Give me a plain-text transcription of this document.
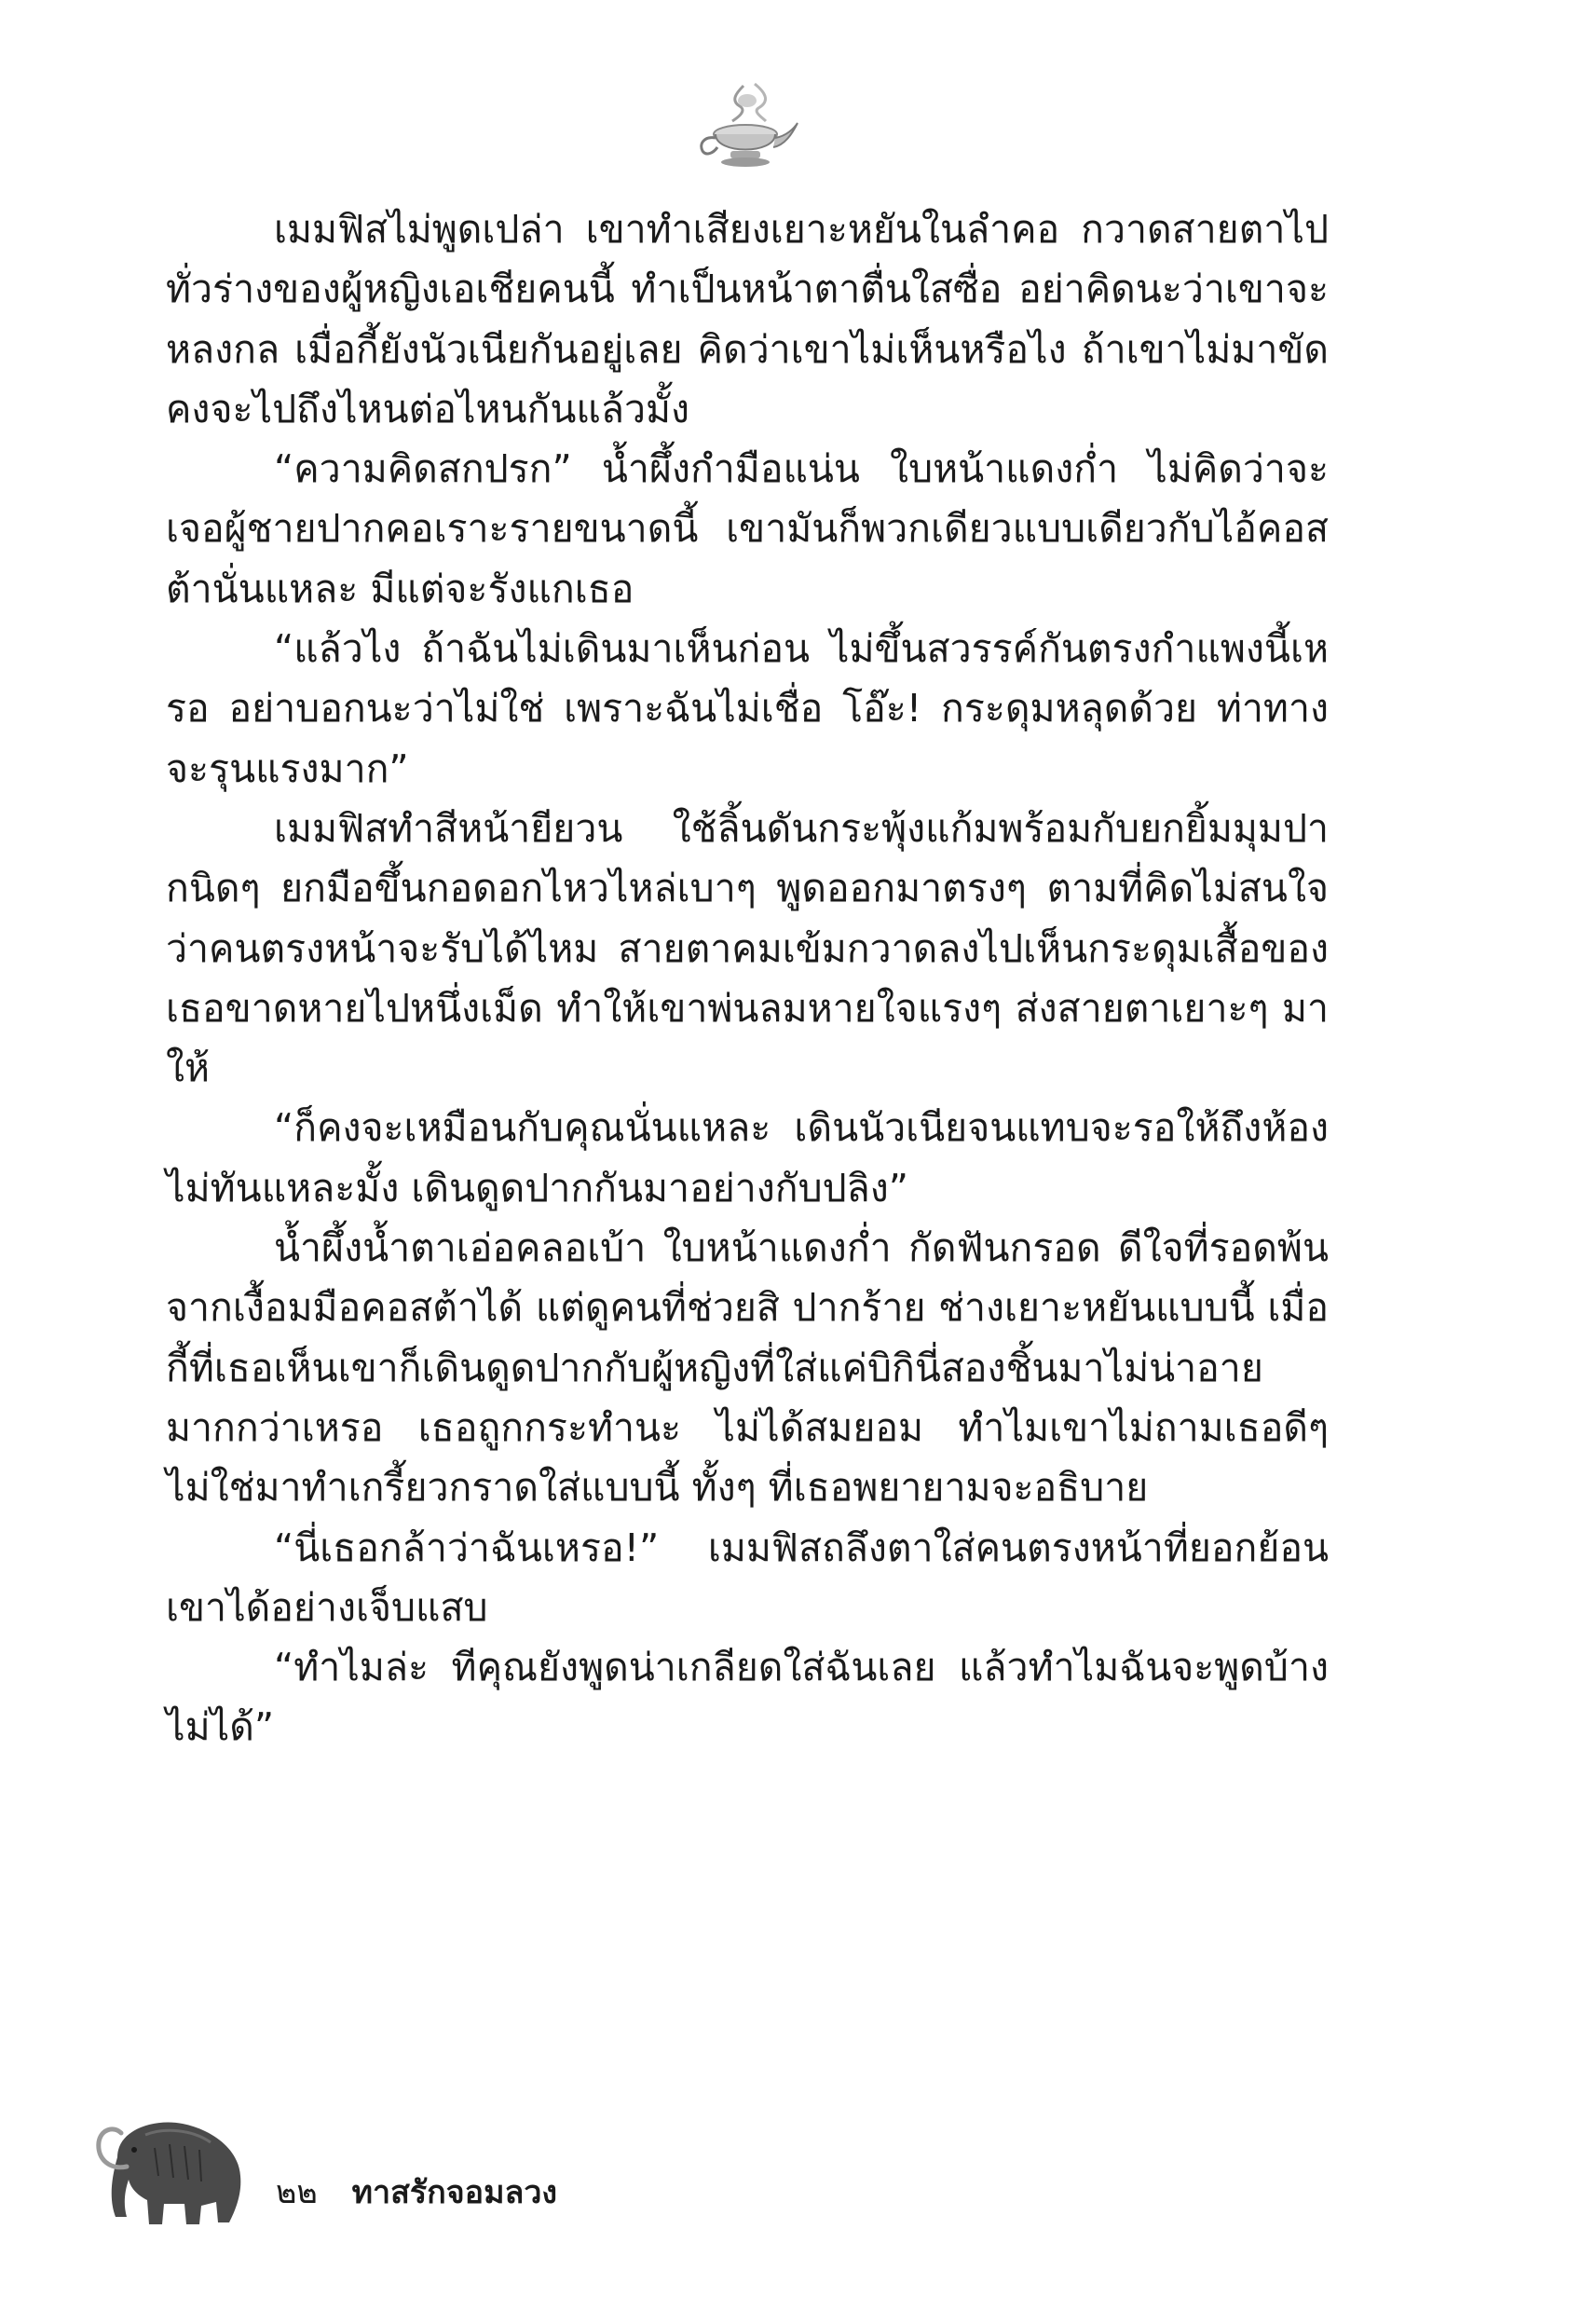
เมมฟิสไม่พูดเปล่า เขาทำเสียงเยาะหยันในลำคอ กวาดสายตาไปทั่วร่างของผู้หญิงเอเชียคนนี้ ทำเป็นหน้าตาตื่นใสซื่อ อย่าคิดนะว่าเขาจะหลงกล เมื่อกี้ยังนัวเนียกันอยู่เลย คิดว่าเขาไม่เห็นหรือไง ถ้าเขาไม่มาขัดคงจะไปถึงไหนต่อไหนกันแล้วมั้ง

“ความคิดสกปรก” น้ำผึ้งกำมือแน่น ใบหน้าแดงก่ำ ไม่คิดว่าจะเจอผู้ชายปากคอเราะรายขนาดนี้ เขามันก็พวกเดียวแบบเดียวกับไอ้คอสต้านั่นแหละ มีแต่จะรังแกเธอ

“แล้วไง ถ้าฉันไม่เดินมาเห็นก่อน ไม่ขึ้นสวรรค์กันตรงกำแพงนี้เหรอ อย่าบอกนะว่าไม่ใช่ เพราะฉันไม่เชื่อ โอ๊ะ! กระดุมหลุดด้วย ท่าทางจะรุนแรงมาก”

เมมฟิสทำสีหน้ายียวน ใช้ลิ้นดันกระพุ้งแก้มพร้อมกับยกยิ้มมุมปากนิดๆ ยกมือขึ้นกอดอกไหวไหล่เบาๆ พูดออกมาตรงๆ ตามที่คิดไม่สนใจว่าคนตรงหน้าจะรับได้ไหม สายตาคมเข้มกวาดลงไปเห็นกระดุมเสื้อของเธอขาดหายไปหนึ่งเม็ด ทำให้เขาพ่นลมหายใจแรงๆ ส่งสายตาเยาะๆ มาให้

“ก็คงจะเหมือนกับคุณนั่นแหละ เดินนัวเนียจนแทบจะรอให้ถึงห้องไม่ทันแหละมั้ง เดินดูดปากกันมาอย่างกับปลิง”

น้ำผึ้งน้ำตาเอ่อคลอเบ้า ใบหน้าแดงก่ำ กัดฟันกรอด ดีใจที่รอดพ้นจากเงื้อมมือคอสต้าได้ แต่ดูคนที่ช่วยสิ ปากร้าย ช่างเยาะหยันแบบนี้ เมื่อกี้ที่เธอเห็นเขาก็เดินดูดปากกับผู้หญิงที่ใส่แค่บิกินี่สองชิ้นมาไม่น่าอายมากกว่าเหรอ เธอถูกกระทำนะ ไม่ได้สมยอม ทำไมเขาไม่ถามเธอดีๆ ไม่ใช่มาทำเกรี้ยวกราดใส่แบบนี้ ทั้งๆ ที่เธอพยายามจะอธิบาย

“นี่เธอกล้าว่าฉันเหรอ!” เมมฟิสถลึงตาใส่คนตรงหน้าที่ยอกย้อนเขาได้อย่างเจ็บแสบ

“ทำไมล่ะ ทีคุณยังพูดน่าเกลียดใส่ฉันเลย แล้วทำไมฉันจะพูดบ้างไม่ได้”

๒๒ ทาสรักจอมลวง
